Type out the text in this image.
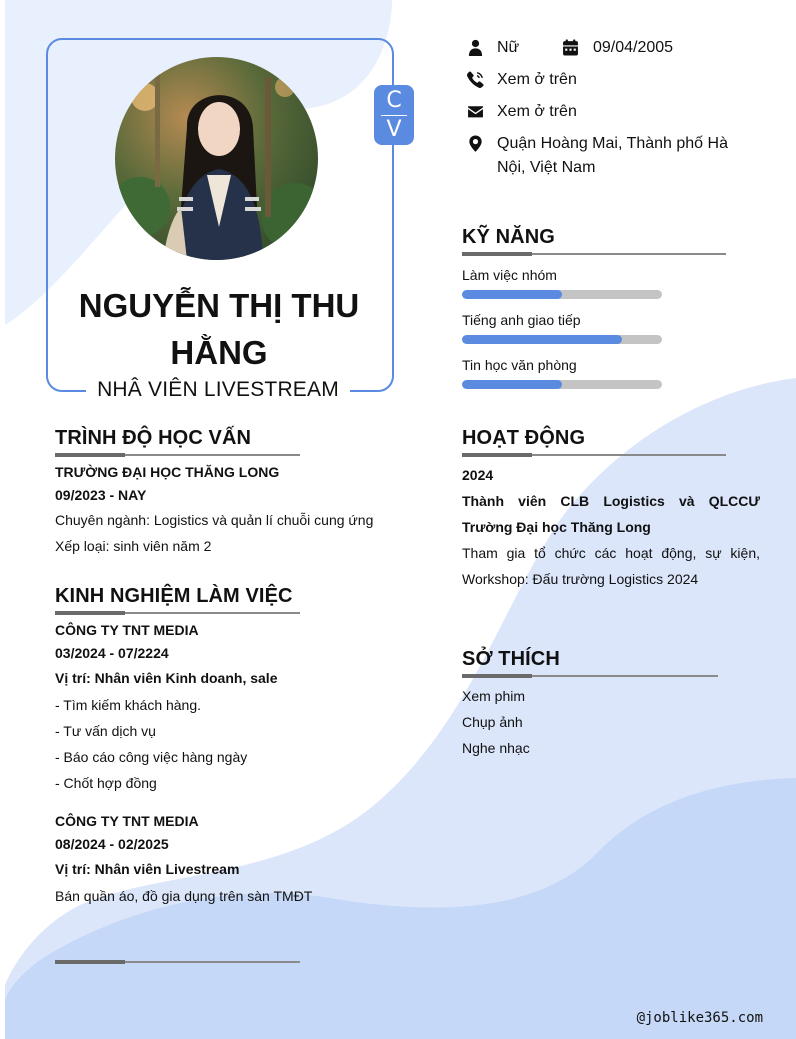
C
V
NGUYỄN THỊ THU HẰNG
NHÂ VIÊN LIVESTREAM
Nữ	09/04/2005
Xem ở trên
Xem ở trên
Quận Hoàng Mai, Thành phố Hà Nội, Việt Nam
KỸ NĂNG
Làm việc nhóm
Tiếng anh giao tiếp
Tin học văn phòng
HOẠT ĐỘNG
2024
Thành viên CLB Logistics và QLCCƯ Trường Đại học Thăng Long
Tham gia tổ chức các hoạt động, sự kiện, Workshop: Đấu trường Logistics 2024
SỞ THÍCH
Xem phim
Chụp ảnh
Nghe nhạc
TRÌNH ĐỘ HỌC VẤN
TRƯỜNG ĐẠI HỌC THĂNG LONG
09/2023 - NAY
Chuyên ngành: Logistics và quản lí chuỗi cung ứng
Xếp loại: sinh viên năm 2
KINH NGHIỆM LÀM VIỆC
CÔNG TY TNT MEDIA
03/2024 - 07/2224
Vị trí: Nhân viên Kinh doanh, sale
- Tìm kiếm khách hàng.
- Tư vấn dịch vụ
- Báo cáo công việc hàng ngày
- Chốt hợp đồng
CÔNG TY TNT MEDIA
08/2024 - 02/2025
Vị trí: Nhân viên Livestream
Bán quần áo, đồ gia dụng trên sàn TMĐT
@joblike365.com
